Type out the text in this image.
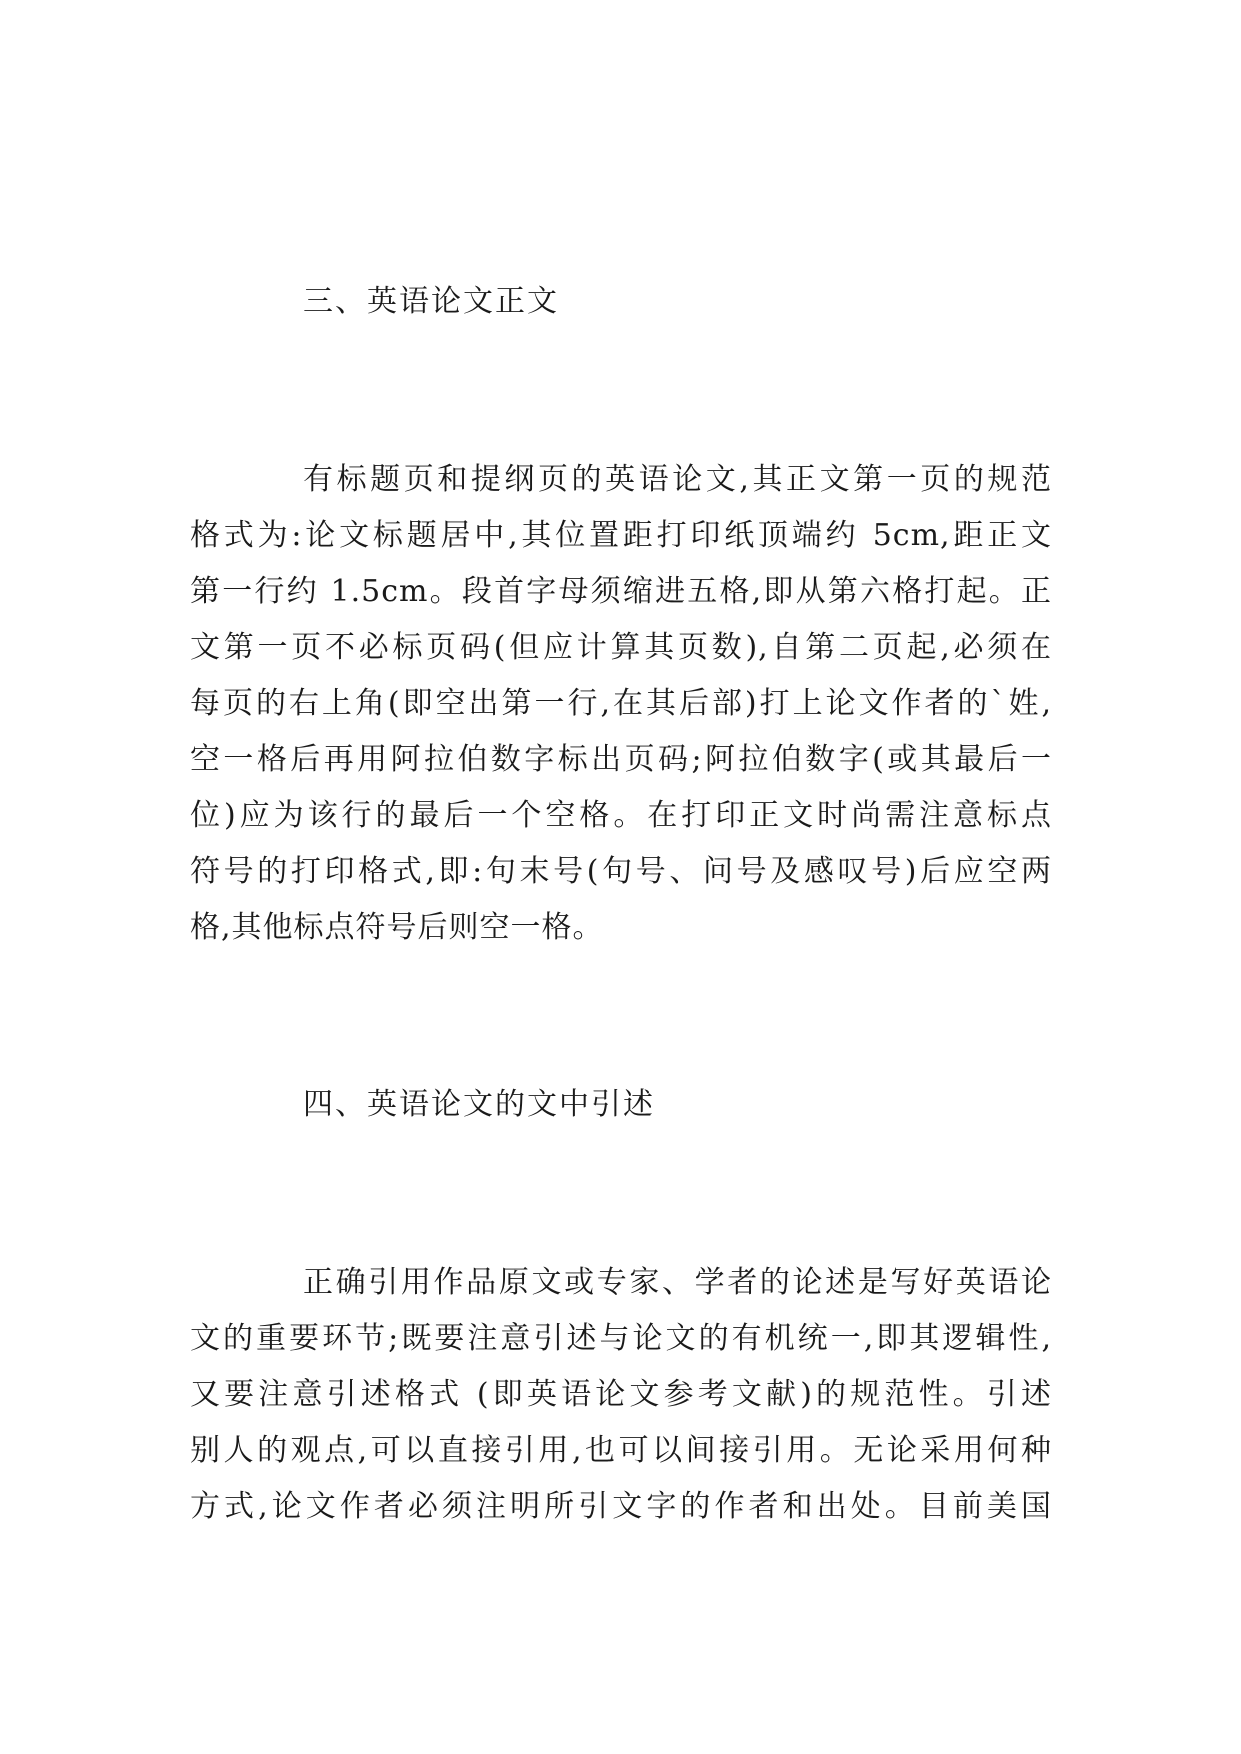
三、英语论文正文
有标题页和提纲页的英语论文,其正文第一页的规范
格式为:论文标题居中,其位置距打印纸顶端约 5cm,距正文
第一行约 1.5cm。段首字母须缩进五格,即从第六格打起。正
文第一页不必标页码(但应计算其页数),自第二页起,必须在
每页的右上角(即空出第一行,在其后部)打上论文作者的`姓,
空一格后再用阿拉伯数字标出页码;阿拉伯数字(或其最后一
位)应为该行的最后一个空格。在打印正文时尚需注意标点
符号的打印格式,即:句末号(句号、问号及感叹号)后应空两
格,其他标点符号后则空一格。
四、英语论文的文中引述
正确引用作品原文或专家、学者的论述是写好英语论
文的重要环节;既要注意引述与论文的有机统一,即其逻辑性,
又要注意引述格式 (即英语论文参考文献)的规范性。引述
别人的观点,可以直接引用,也可以间接引用。无论采用何种
方式,论文作者必须注明所引文字的作者和出处。目前美国
